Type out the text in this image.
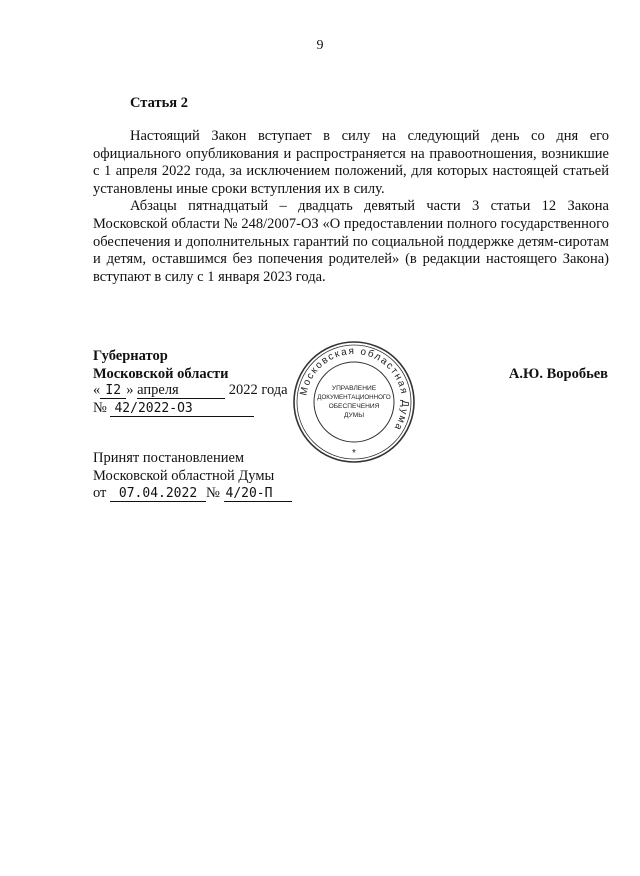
9
Статья 2

Настоящий Закон вступает в силу на следующий день со дня его официального опубликования и распространяется на правоотношения, возникшие с 1 апреля 2022 года, за исключением положений, для которых настоящей статьей установлены иные сроки вступления их в силу.

Абзацы пятнадцатый – двадцать девятый части 3 статьи 12 Закона Московской области № 248/2007-ОЗ «О предоставлении полного государственного обеспечения и дополнительных гарантий по социальной поддержке детям-сиротам и детям, оставшимся без попечения родителей» (в редакции настоящего Закона) вступают в силу с 1 января 2023 года.

Губернатор
Московской области	А.Ю. Воробьев
« I2 » апреля	2022 года
№ 42/2022-ОЗ
Московская областная Дума
УПРАВЛЕНИЕ
ДОКУМЕНТАЦИОННОГО
ОБЕСПЕЧЕНИЯ
ДУМЫ
*
Принят постановлением
Московской областной Думы
от 07.04.2022 № 4/20-П
